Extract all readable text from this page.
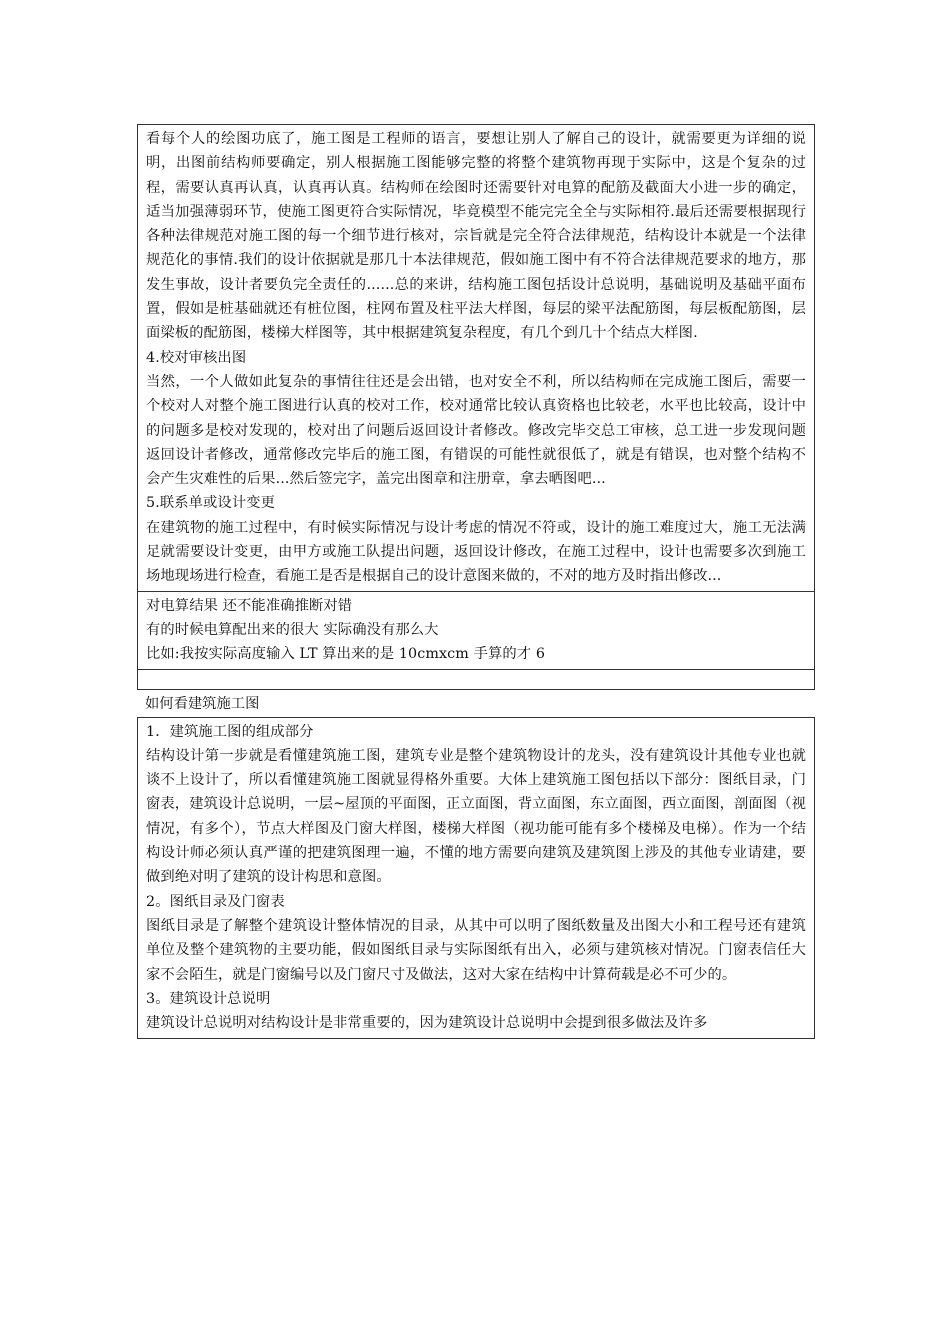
看每个人的绘图功底了，施工图是工程师的语言，要想让别人了解自己的设计，就需要更为详细的说明，出图前结构师要确定，别人根据施工图能够完整的将整个建筑物再现于实际中，这是个复杂的过程，需要认真再认真，认真再认真。结构师在绘图时还需要针对电算的配筋及截面大小进一步的确定，适当加强薄弱环节，使施工图更符合实际情况，毕竟模型不能完完全全与实际相符.最后还需要根据现行各种法律规范对施工图的每一个细节进行核对，宗旨就是完全符合法律规范，结构设计本就是一个法律规范化的事情.我们的设计依据就是那几十本法律规范，假如施工图中有不符合法律规范要求的地方，那发生事故，设计者要负完全责任的......总的来讲，结构施工图包括设计总说明，基础说明及基础平面布置，假如是桩基础就还有桩位图，柱网布置及柱平法大样图，每层的梁平法配筋图，每层板配筋图，层面梁板的配筋图，楼梯大样图等，其中根据建筑复杂程度，有几个到几十个结点大样图.

4.校对审核出图

当然，一个人做如此复杂的事情往往还是会出错，也对安全不利，所以结构师在完成施工图后，需要一个校对人对整个施工图进行认真的校对工作，校对通常比较认真资格也比较老，水平也比较高，设计中的问题多是校对发现的，校对出了问题后返回设计者修改。修改完毕交总工审核，总工进一步发现问题返回设计者修改，通常修改完毕后的施工图，有错误的可能性就很低了，就是有错误，也对整个结构不会产生灾难性的后果...然后签完字，盖完出图章和注册章，拿去晒图吧...

5.联系单或设计变更

在建筑物的施工过程中，有时候实际情况与设计考虑的情况不符或，设计的施工难度过大，施工无法满足就需要设计变更，由甲方或施工队提出问题，返回设计修改，在施工过程中，设计也需要多次到施工场地现场进行检查，看施工是否是根据自己的设计意图来做的，不对的地方及时指出修改...

对电算结果 还不能准确推断对错

有的时候电算配出来的很大 实际确没有那么大

比如:我按实际高度输入 LT 算出来的是 10cmxcm 手算的才 6

如何看建筑施工图

1．建筑施工图的组成部分

结构设计第一步就是看懂建筑施工图，建筑专业是整个建筑物设计的龙头，没有建筑设计其他专业也就谈不上设计了，所以看懂建筑施工图就显得格外重要。大体上建筑施工图包括以下部分：图纸目录，门窗表，建筑设计总说明，一层~屋顶的平面图，正立面图，背立面图，东立面图，西立面图，剖面图（视情况，有多个），节点大样图及门窗大样图，楼梯大样图（视功能可能有多个楼梯及电梯）。作为一个结构设计师必须认真严谨的把建筑图理一遍，不懂的地方需要向建筑及建筑图上涉及的其他专业请建，要做到绝对明了建筑的设计构思和意图。

2。图纸目录及门窗表

图纸目录是了解整个建筑设计整体情况的目录，从其中可以明了图纸数量及出图大小和工程号还有建筑单位及整个建筑物的主要功能，假如图纸目录与实际图纸有出入，必须与建筑核对情况。门窗表信任大家不会陌生，就是门窗编号以及门窗尺寸及做法，这对大家在结构中计算荷载是必不可少的。

3。建筑设计总说明

建筑设计总说明对结构设计是非常重要的，因为建筑设计总说明中会提到很多做法及许多
